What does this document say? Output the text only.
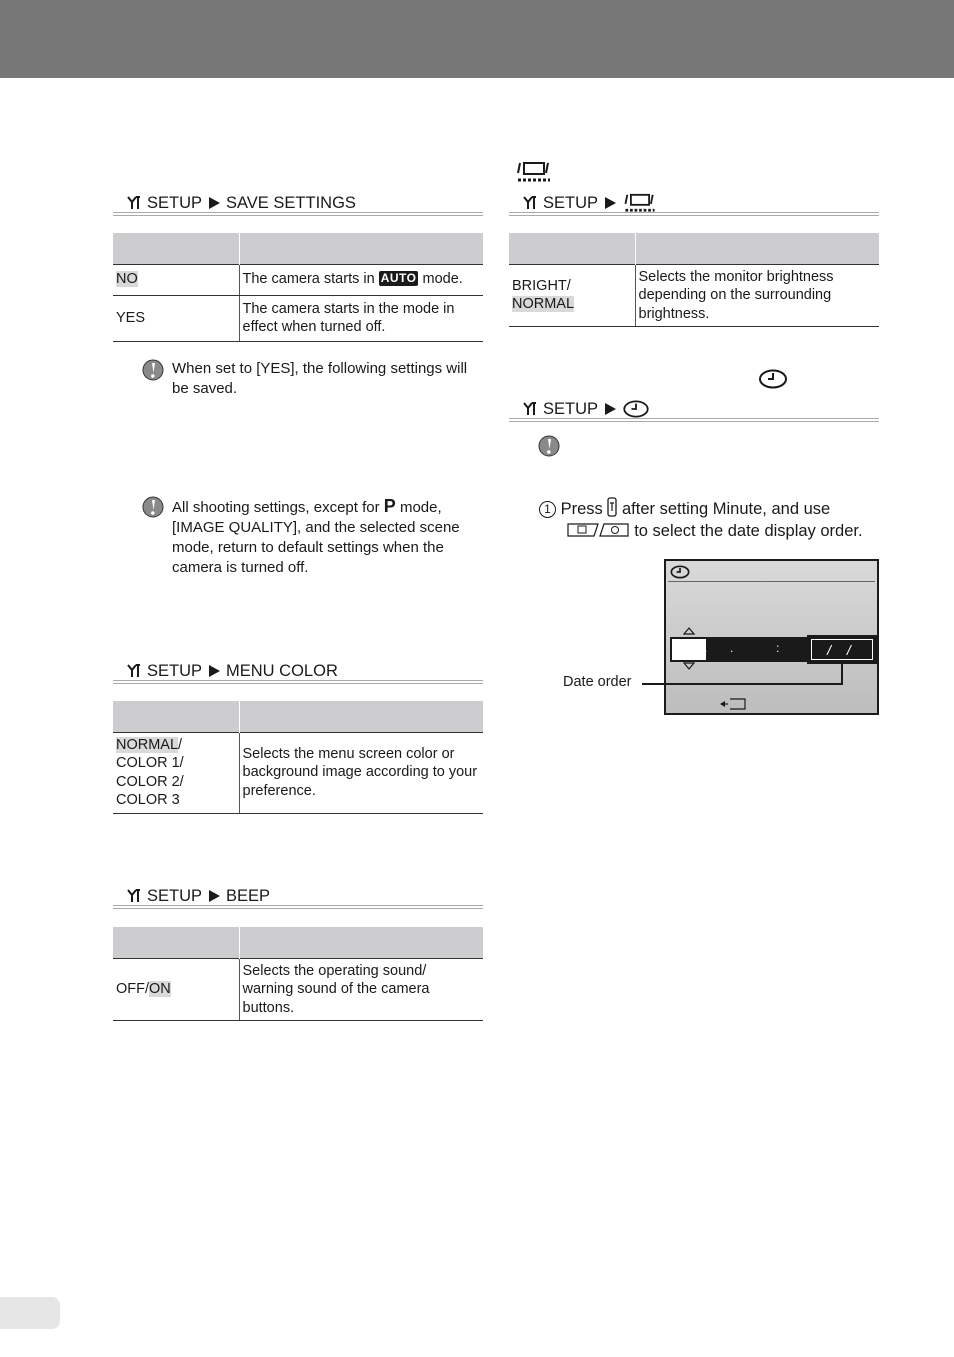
SETUP SAVE SETTINGS

NO	The camera starts in AUTO mode.
YES	The camera starts in the mode in effect when turned off.
When set to [YES], the following settings will be saved.
All shooting settings, except for P mode, [IMAGE QUALITY], and the selected scene mode, return to default settings when the camera is turned off.
SETUP MENU COLOR

NORMAL/
COLOR 1/
COLOR 2/
COLOR 3	Selects the menu screen color or background image according to your preference.
SETUP BEEP

OFF/ON	Selects the operating sound/ warning sound of the camera buttons.
SETUP

BRIGHT/
NORMAL	Selects the monitor brightness depending on the surrounding brightness.
SETUP
1 Press after setting Minute, and use
to select the date display order.
. .	:	/ /
Date order
